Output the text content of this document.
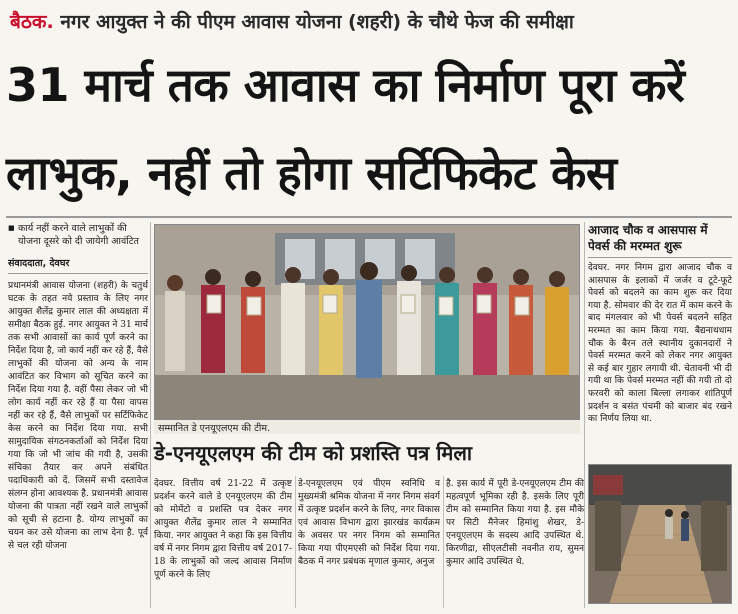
बैठक. नगर आयुक्त ने की पीएम आवास योजना (शहरी) के चौथे फेज की समीक्षा
31 मार्च तक आवास का निर्माण पूरा करें
लाभुक, नहीं तो होगा सर्टिफिकेट केस
■ कार्य नहीं करने वाले लाभुकों की योजना दूसरे को दी जायेगी आवंटित
संवाददाता, देवघर
प्रधानमंत्री आवास योजना (शहरी) के चतुर्थ घटक के तहत नये प्रस्ताव के लिए नगर आयुक्त शैलेंद्र कुमार लाल की अध्यक्षता में समीक्षा बैठक हुई. नगर आयुक्त ने 31 मार्च तक सभी आवासों का कार्य पूर्ण करने का निर्देश दिया है, जो कार्य नहीं कर रहे हैं, वैसे लाभुकों की योजना को अन्य के नाम आवंटित कर विभाग को सूचित करने का निर्देश दिया गया है. वहीं पैसा लेकर जो भी लोग कार्य नहीं कर रहे हैं या पैसा वापस नहीं कर रहे हैं, वैसे लाभुकों पर सर्टिफिकेट केस करने का निर्देश दिया गया. सभी सामुदायिक संगठनकर्ताओं को निर्देश दिया गया कि जो भी जांच की गयी है, उसकी संचिका तैयार कर अपने संबंधित पदाधिकारी को दें. जिसमें सभी दस्तावेज संलग्न होना आवश्यक है. प्रधानमंत्री आवास योजना की पात्रता नहीं रखने वाले लाभुकों को सूची से हटाना है. योग्य लाभुकों का चयन कर उसे योजना का लाभ देना है. पूर्व से चल रही योजना
सम्मानित डे एनयूएलएम की टीम.
डे-एनयूएलएम की टीम को प्रशस्ति पत्र मिला
देवघर. वित्तीय वर्ष 21-22 में उत्कृष्ट प्रदर्शन करने वाले डे एनयूएलएम की टीम को मोमेंटो व प्रशस्ति पत्र देकर नगर आयुक्त शैलेंद्र कुमार लाल ने सम्मानित किया. नगर आयुक्त ने कहा कि इस वित्तीय वर्ष में नगर निगम द्वारा वित्तीय वर्ष 2017-18 के लाभुकों को जल्द आवास निर्माण पूर्ण करने के लिए
डे-एनयूएलएम एवं पीएम स्वनिधि व मुख्यमंत्री श्रमिक योजना में नगर निगम संवर्ग में उत्कृष्ट प्रदर्शन करने के लिए, नगर विकास एवं आवास विभाग द्वारा झारखंड कार्यक्रम के अवसर पर नगर निगम को सम्मानित किया गया पीएमएसी को निर्देश दिया गया. बैठक में नगर प्रबंधक मृणाल कुमार, अनुज
है. इस कार्य में पूरी डे-एनयूएलएम टीम की महत्वपूर्ण भूमिका रही है. इसके लिए पूरी टीम को सम्मानित किया गया है. इस मौके पर सिटी मैनेजर हिमांशु शेखर, डे-एनयूएलएम के सदस्य आदि उपस्थित थे. किरणीद्रा, सीएलटीसी नवनीत राय, सुमन कुमार आदि उपस्थित थे.
आजाद चौक व आसपास में पेवर्स की मरम्मत शुरू
देवघर. नगर निगम द्वारा आजाद चौक व आसपास के इलाकों में जर्जर व टूटे-फूटे पेवर्स को बदलने का काम शुरू कर दिया गया है. सोमवार की देर रात में काम करने के बाद मंगलवार को भी पेवर्स बदलने सहित मरम्मत का काम किया गया. बैद्यनाथधाम चौक के बैरन तले स्थानीय दुकानदारों ने पेवर्स मरम्मत करने को लेकर नगर आयुक्त से कई बार गुहार लगायी थी. चेतावनी भी दी गयी था कि पेवर्स मरम्मत नहीं की गयी तो दो फरवरी को काला बिल्ला लगाकर शांतिपूर्ण प्रदर्शन व बसंत पंचमी को बाजार बंद रखने का निर्णय लिया था.
